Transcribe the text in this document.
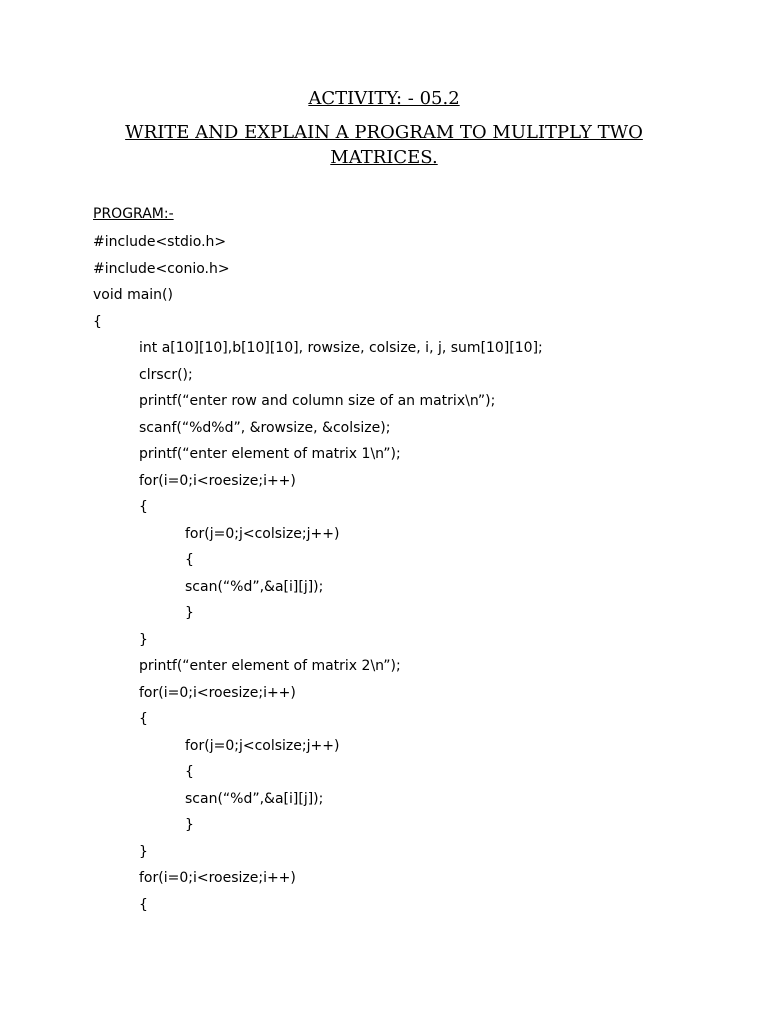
ACTIVITY: - 05.2
WRITE AND EXPLAIN A PROGRAM TO MULITPLY TWO MATRICES.
PROGRAM:-
#include<stdio.h>
#include<conio.h>
void main()
{
int a[10][10],b[10][10], rowsize, colsize, i, j, sum[10][10];
clrscr();
printf(“enter row and column size of an matrix\n”);
scanf(“%d%d”, &rowsize, &colsize);
printf(“enter element of matrix 1\n”);
for(i=0;i<roesize;i++)
{
for(j=0;j<colsize;j++)
{
scan(“%d”,&a[i][j]);
}
}
printf(“enter element of matrix 2\n”);
for(i=0;i<roesize;i++)
{
for(j=0;j<colsize;j++)
{
scan(“%d”,&a[i][j]);
}
}
for(i=0;i<roesize;i++)
{
